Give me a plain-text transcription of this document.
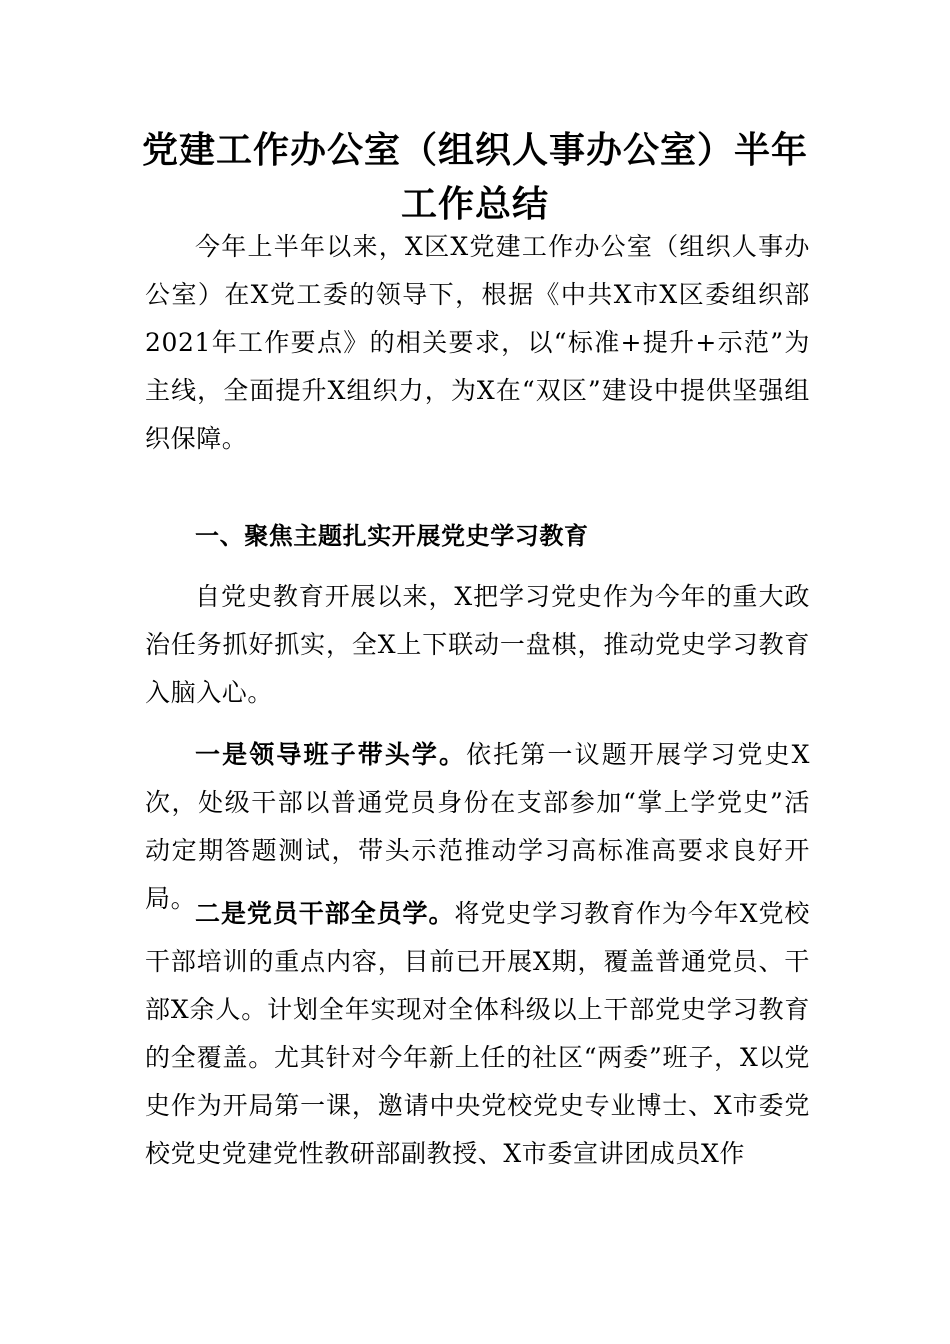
党建工作办公室（组织人事办公室）半年
工作总结

今年上半年以来，X区X党建工作办公室（组织人事办公室）在X党工委的领导下，根据《中共X市X区委组织部2021年工作要点》的相关要求，以“标准+提升+示范”为主线，全面提升X组织力，为X在“双区”建设中提供坚强组织保障。

一、聚焦主题扎实开展党史学习教育

自党史教育开展以来，X把学习党史作为今年的重大政治任务抓好抓实，全X上下联动一盘棋，推动党史学习教育入脑入心。

一是领导班子带头学。依托第一议题开展学习党史X次，处级干部以普通党员身份在支部参加“掌上学党史”活动定期答题测试，带头示范推动学习高标准高要求良好开局。

二是党员干部全员学。将党史学习教育作为今年X党校干部培训的重点内容，目前已开展X期，覆盖普通党员、干部X余人。计划全年实现对全体科级以上干部党史学习教育的全覆盖。尤其针对今年新上任的社区“两委”班子，X以党史作为开局第一课，邀请中央党校党史专业博士、X市委党校党史党建党性教研部副教授、X市委宣讲团成员X作
